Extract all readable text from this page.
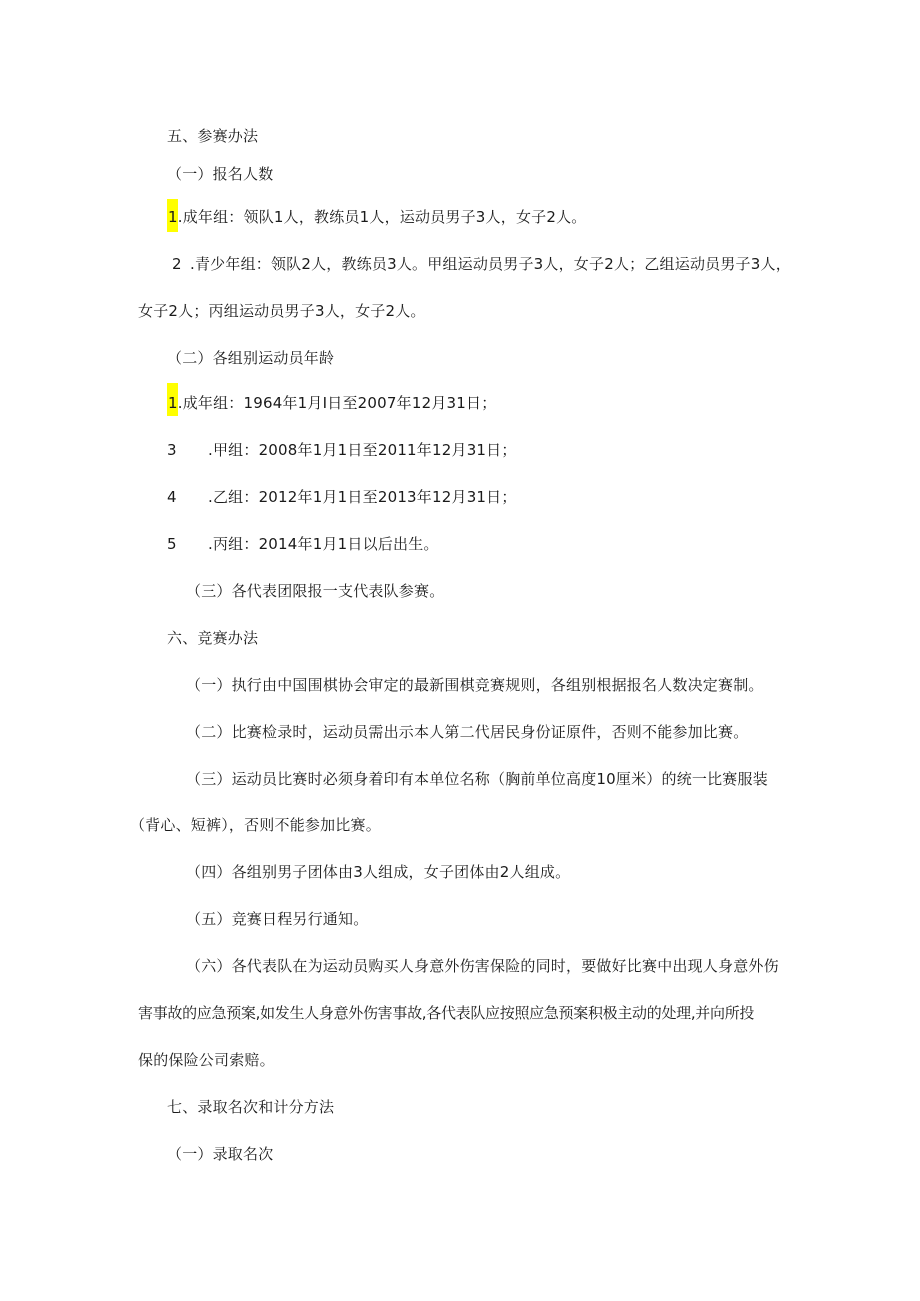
五、参赛办法
（一）报名人数
1.成年组：领队1人，教练员1人，运动员男子3人，女子2人。
2 .青少年组：领队2人，教练员3人。甲组运动员男子3人，女子2人；乙组运动员男子3人，
女子2人；丙组运动员男子3人，女子2人。
（二）各组别运动员年龄
1.成年组：1964年1月I日至2007年12月31日；
3 .甲组：2008年1月1日至2011年12月31日；
4 .乙组：2012年1月1日至2013年12月31日；
5 .丙组：2014年1月1日以后出生。
（三）各代表团限报一支代表队参赛。
六、竞赛办法
（一）执行由中国围棋协会审定的最新围棋竞赛规则，各组别根据报名人数决定赛制。
（二）比赛检录时，运动员需出示本人第二代居民身份证原件，否则不能参加比赛。
（三）运动员比赛时必须身着印有本单位名称（胸前单位高度10厘米）的统一比赛服装
（背心、短裤），否则不能参加比赛。
（四）各组别男子团体由3人组成，女子团体由2人组成。
（五）竞赛日程另行通知。
（六）各代表队在为运动员购买人身意外伤害保险的同时，要做好比赛中出现人身意外伤
害事故的应急预案,如发生人身意外伤害事故,各代表队应按照应急预案积极主动的处理,并向所投
保的保险公司索赔。
七、录取名次和计分方法
（一）录取名次
